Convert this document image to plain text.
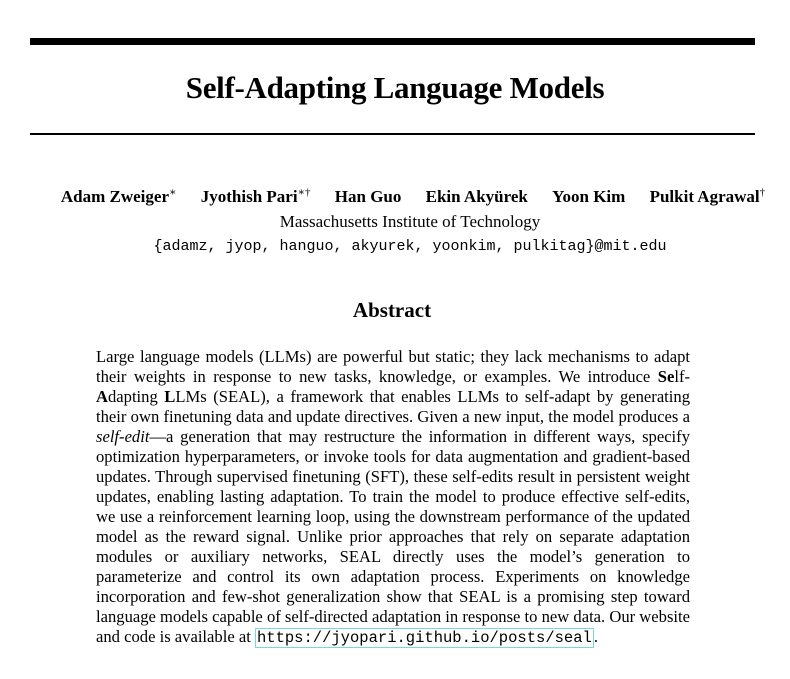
Self-Adapting Language Models
Adam Zweiger∗ Jyothish Pari∗† Han Guo Ekin Akyürek Yoon Kim Pulkit Agrawal†
Massachusetts Institute of Technology
{adamz, jyop, hanguo, akyurek, yoonkim, pulkitag}@mit.edu
Abstract
Large language models (LLMs) are powerful but static; they lack mechanisms to adapt their weights in response to new tasks, knowledge, or examples. We introduce Self-Adapting LLMs (SEAL), a framework that enables LLMs to self-adapt by generating their own finetuning data and update directives. Given a new input, the model produces a self-edit—a generation that may restructure the information in different ways, specify optimization hyperparameters, or invoke tools for data augmentation and gradient-based updates. Through supervised finetuning (SFT), these self-edits result in persistent weight updates, enabling lasting adaptation. To train the model to produce effective self-edits, we use a reinforcement learning loop, using the downstream performance of the updated model as the reward signal. Unlike prior approaches that rely on separate adaptation modules or auxiliary networks, SEAL directly uses the model’s generation to parameterize and control its own adaptation process. Experiments on knowledge incorporation and few-shot generalization show that SEAL is a promising step toward language models capable of self-directed adaptation in response to new data. Our website and code is available at https://jyopari.github.io/posts/seal .
